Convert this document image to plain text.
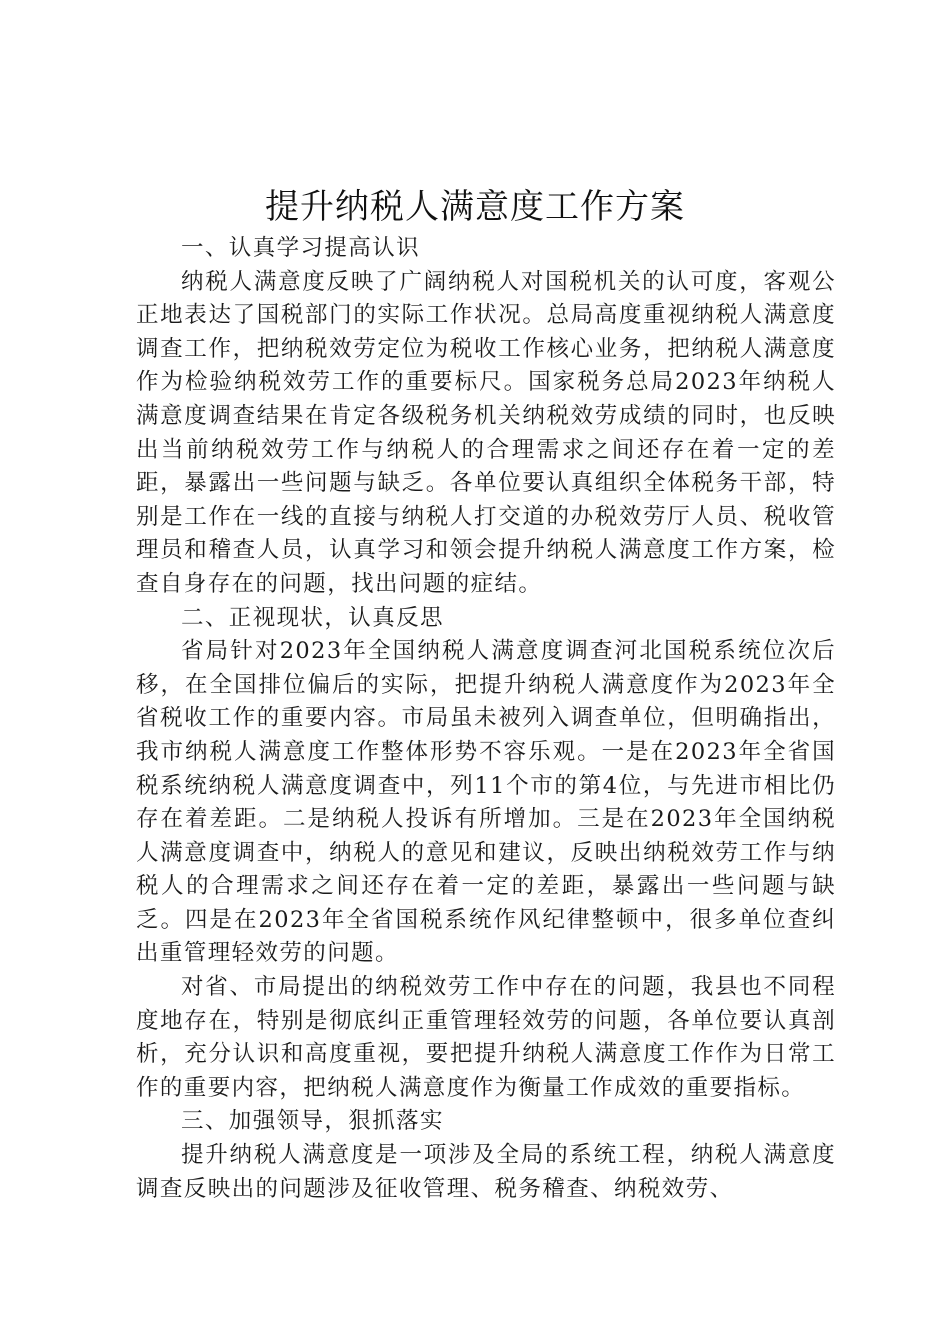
提升纳税人满意度工作方案

一、认真学习提高认识

纳税人满意度反映了广阔纳税人对国税机关的认可度，客观公正地表达了国税部门的实际工作状况。总局高度重视纳税人满意度调查工作，把纳税效劳定位为税收工作核心业务，把纳税人满意度作为检验纳税效劳工作的重要标尺。国家税务总局2023年纳税人满意度调查结果在肯定各级税务机关纳税效劳成绩的同时，也反映出当前纳税效劳工作与纳税人的合理需求之间还存在着一定的差距，暴露出一些问题与缺乏。各单位要认真组织全体税务干部，特别是工作在一线的直接与纳税人打交道的办税效劳厅人员、税收管理员和稽查人员，认真学习和领会提升纳税人满意度工作方案，检查自身存在的问题，找出问题的症结。

二、正视现状，认真反思

省局针对2023年全国纳税人满意度调查河北国税系统位次后移，在全国排位偏后的实际，把提升纳税人满意度作为2023年全省税收工作的重要内容。市局虽未被列入调查单位，但明确指出，我市纳税人满意度工作整体形势不容乐观。一是在2023年全省国税系统纳税人满意度调查中，列11个市的第4位，与先进市相比仍存在着差距。二是纳税人投诉有所增加。三是在2023年全国纳税人满意度调查中，纳税人的意见和建议，反映出纳税效劳工作与纳税人的合理需求之间还存在着一定的差距，暴露出一些问题与缺乏。四是在2023年全省国税系统作风纪律整顿中，很多单位查纠出重管理轻效劳的问题。

对省、市局提出的纳税效劳工作中存在的问题，我县也不同程度地存在，特别是彻底纠正重管理轻效劳的问题，各单位要认真剖析，充分认识和高度重视，要把提升纳税人满意度工作作为日常工作的重要内容，把纳税人满意度作为衡量工作成效的重要指标。

三、加强领导，狠抓落实

提升纳税人满意度是一项涉及全局的系统工程，纳税人满意度调查反映出的问题涉及征收管理、税务稽查、纳税效劳、
